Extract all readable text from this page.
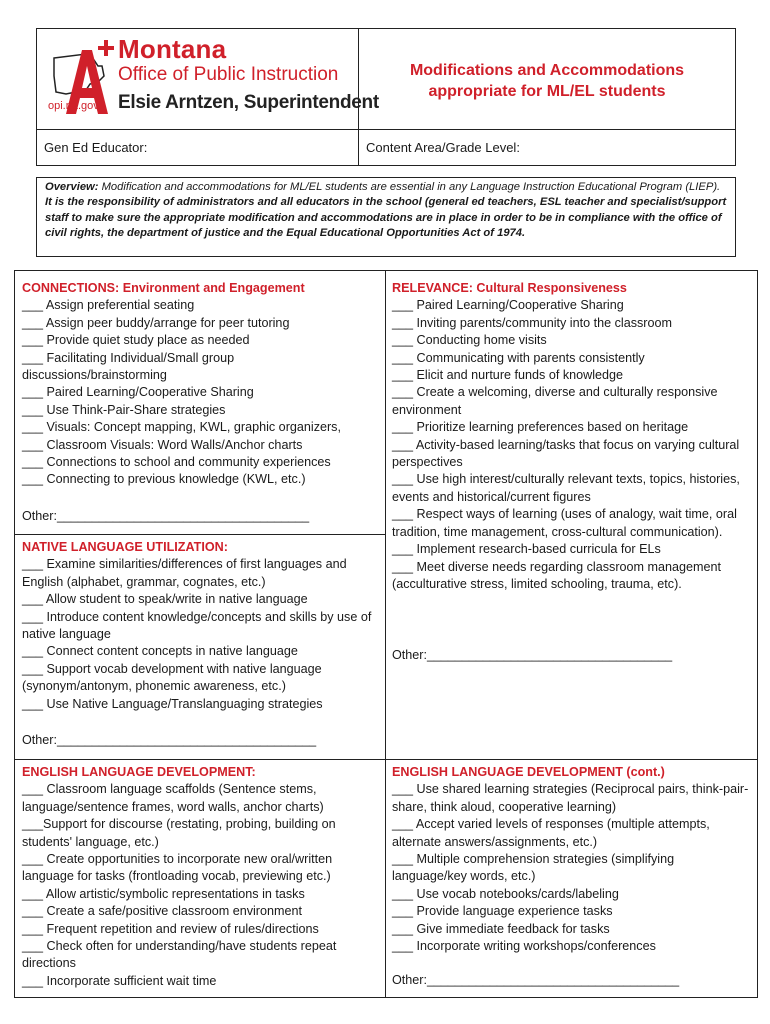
Montana
Office of Public Instruction
opi.mt.gov Elsie Arntzen, Superintendent
Modifications and Accommodations
appropriate for ML/EL students
Gen Ed Educator:	Content Area/Grade Level:
Overview: Modification and accommodations for ML/EL students are essential in any Language Instruction Educational Program (LIEP). It is the responsibility of administrators and all educators in the school (general ed teachers, ESL teacher and specialist/support staff to make sure the appropriate modification and accommodations are in place in order to be in compliance with the office of civil rights, the department of justice and the Equal Educational Opportunities Act of 1974.

CONNECTIONS: Environment and Engagement

___ Assign preferential seating

___ Assign peer buddy/arrange for peer tutoring

___ Provide quiet study place as needed

___ Facilitating Individual/Small group discussions/brainstorming

___ Paired Learning/Cooperative Sharing

___ Use Think-Pair-Share strategies

___ Visuals: Concept mapping, KWL, graphic organizers,

___ Classroom Visuals: Word Walls/Anchor charts

___ Connections to school and community experiences

___ Connecting to previous knowledge (KWL, etc.)

Other:____________________________________

NATIVE LANGUAGE UTILIZATION:

___ Examine similarities/differences of first languages and English (alphabet, grammar, cognates, etc.)

___ Allow student to speak/write in native language

___ Introduce content knowledge/concepts and skills by use of native language

___ Connect content concepts in native language

___ Support vocab development with native language (synonym/antonym, phonemic awareness, etc.)

___ Use Native Language/Translanguaging strategies

Other:_____________________________________

RELEVANCE: Cultural Responsiveness

___ Paired Learning/Cooperative Sharing

___ Inviting parents/community into the classroom

___ Conducting home visits

___ Communicating with parents consistently

___ Elicit and nurture funds of knowledge

___ Create a welcoming, diverse and culturally responsive environment

___ Prioritize learning preferences based on heritage

___ Activity-based learning/tasks that focus on varying cultural perspectives

___ Use high interest/culturally relevant texts, topics, histories, events and historical/current figures

___ Respect ways of learning (uses of analogy, wait time, oral tradition, time management, cross-cultural communication).

___ Implement research-based curricula for ELs

___ Meet diverse needs regarding classroom management (acculturative stress, limited schooling, trauma, etc).

Other:___________________________________

ENGLISH LANGUAGE DEVELOPMENT:

___ Classroom language scaffolds (Sentence stems, language/sentence frames, word walls, anchor charts)

___Support for discourse (restating, probing, building on students' language, etc.)

___ Create opportunities to incorporate new oral/written language for tasks (frontloading vocab, previewing etc.)

___ Allow artistic/symbolic representations in tasks

___ Create a safe/positive classroom environment

___ Frequent repetition and review of rules/directions

___ Check often for understanding/have students repeat directions

___ Incorporate sufficient wait time

ENGLISH LANGUAGE DEVELOPMENT (cont.)

___ Use shared learning strategies (Reciprocal pairs, think-pair-share, think aloud, cooperative learning)

___ Accept varied levels of responses (multiple attempts, alternate answers/assignments, etc.)

___ Multiple comprehension strategies (simplifying language/key words, etc.)

___ Use vocab notebooks/cards/labeling

___ Provide language experience tasks

___ Give immediate feedback for tasks

___ Incorporate writing workshops/conferences

Other:____________________________________
